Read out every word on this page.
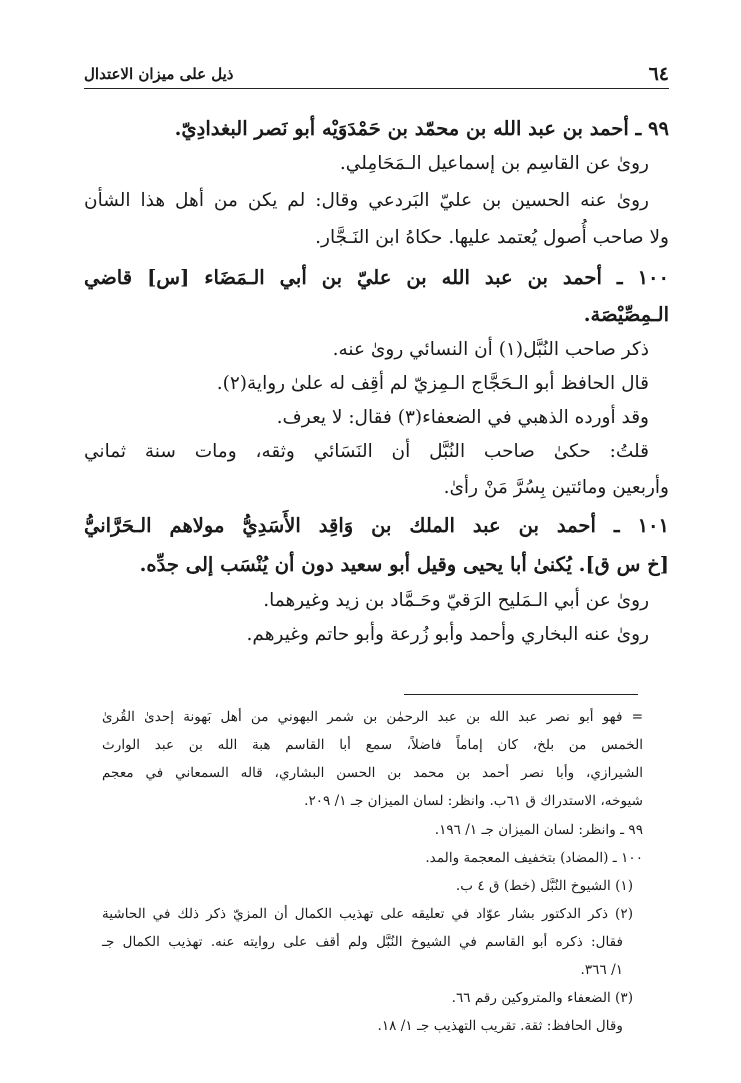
٦٤
ذيل على ميزان الاعتدال
٩٩ ـ أحمد بن عبد الله بن محمّد بن حَمْدَوَيْه أبو نَصر البغدادِيّ.
روىٰ عن القاسِم بن إسماعيل الـمَحَامِلي.
روىٰ عنه الحسين بن عليّ البَردعي وقال: لم يكن من أهل هذا الشأن
ولا صاحب أُصول يُعتمد عليها. حكاهُ ابن النَـجَّار.
١٠٠ ـ أحمد بن عبد الله بن عليّ بن أبي الـمَضَاء [س] قاضي
الـمِصِّيْصَة.
ذكر صاحب النُبَّل(١) أن النسائي روىٰ عنه.
قال الحافظ أبو الـحَجَّاج الـمِزيّ لم أقِف له علىٰ رواية(٢).
وقد أورده الذهبي في الضعفاء(٣) فقال: لا يعرف.
قلتُ: حكىٰ صاحب النُبَّل أن النَسَائي وثقه، ومات سنة ثماني
وأربعين ومائتين بِسُرَّ مَنْ رأىٰ.
١٠١ ـ أحمد بن عبد الملك بن وَاقِد الأَسَدِيُّ مولاهم الـحَرَّانيُّ
[خ س ق]. يُكنىٰ أبا يحيى وقيل أبو سعيد دون أن يُنْسَب إلى جدِّه.
روىٰ عن أبي الـمَليح الرَقيّ وحَـمَّاد بن زيد وغيرهما.
روىٰ عنه البخاري وأحمد وأبو زُرعة وأبو حاتم وغيرهم.
= فهو أبو نصر عبد الله بن عبد الرحمٰن بن شمر البهوني من أهل بَهونة إحدىٰ القُرىٰ
الخمس من بلخ، كان إماماً فاضلاً، سمع أبا القاسم هبة الله بن عبد الوارث
الشيرازي، وأبا نصر أحمد بن محمد بن الحسن البشاري، قاله السمعاني في معجم
شيوخه، الاستدراك ق ٦١ب. وانظر: لسان الميزان جـ ١/ ٢٠٩.
٩٩ ـ وانظر: لسان الميزان جـ ١/ ١٩٦.
١٠٠ ـ (المضاد) بتخفيف المعجمة والمد.
(١) الشيوخ النُبَّل (خط) ق ٤ ب.
(٢) ذكر الدكتور بشار عوّاد في تعليقه على تهذيب الكمال أن المزيّ ذكر ذلك في الحاشية
فقال: ذكره أبو القاسم في الشيوخ النُبَّل ولم أقف على روايته عنه. تهذيب الكمال جـ
١/ ٣٦٦.
(٣) الضعفاء والمتروكين رقم ٦٦.
وقال الحافظ: ثقة. تقريب التهذيب جـ ١/ ١٨.
